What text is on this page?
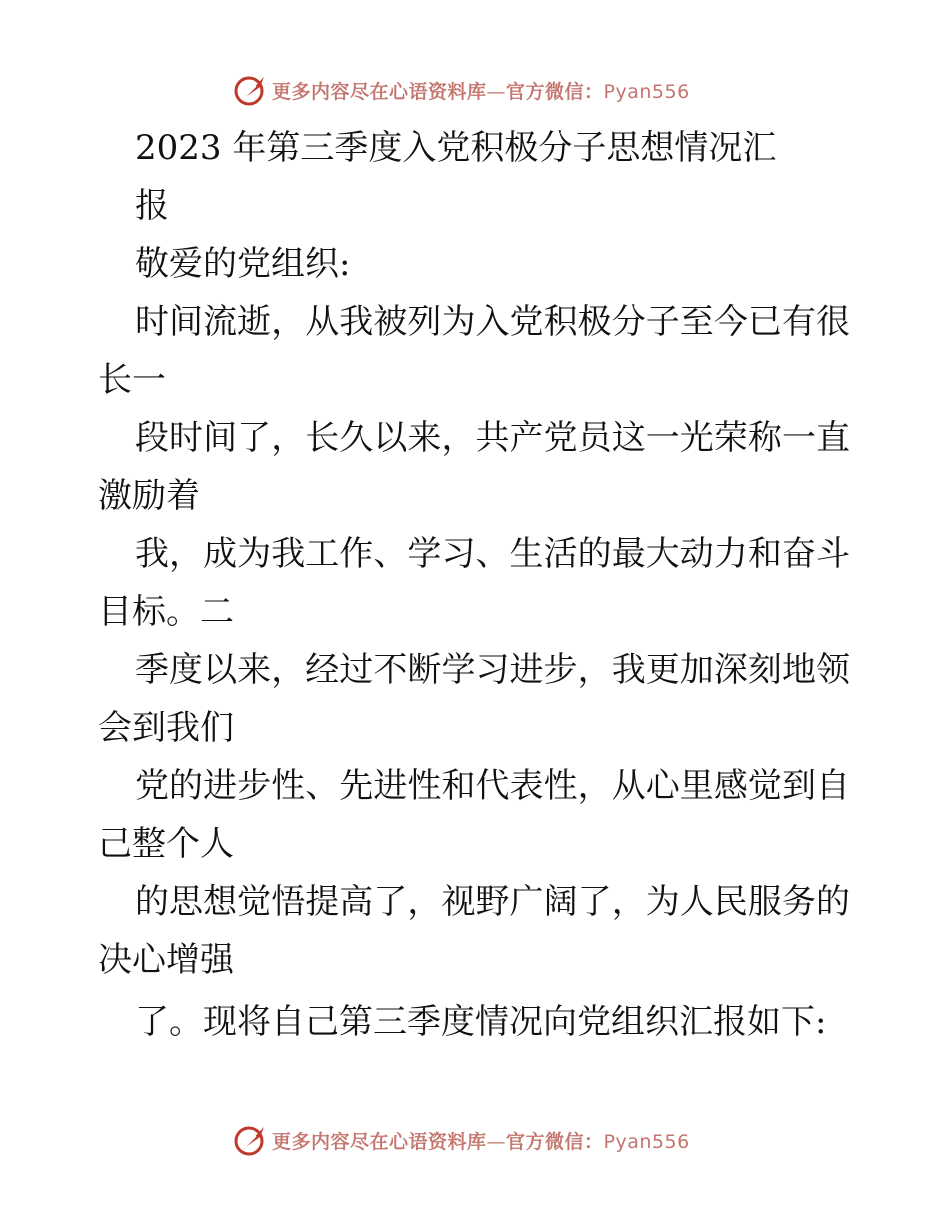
更多内容尽在心语资料库—官方微信：Pyan556
2023 年第三季度入党积极分子思想情况汇
报
敬爱的党组织:
时间流逝，从我被列为入党积极分子至今已有很
长一
段时间了，长久以来，共产党员这一光荣称一直
激励着
我，成为我工作、学习、生活的最大动力和奋斗
目标。二
季度以来，经过不断学习进步，我更加深刻地领
会到我们
党的进步性、先进性和代表性，从心里感觉到自
己整个人
的思想觉悟提高了，视野广阔了，为人民服务的
决心增强
了。现将自己第三季度情况向党组织汇报如下:
更多内容尽在心语资料库—官方微信：Pyan556
